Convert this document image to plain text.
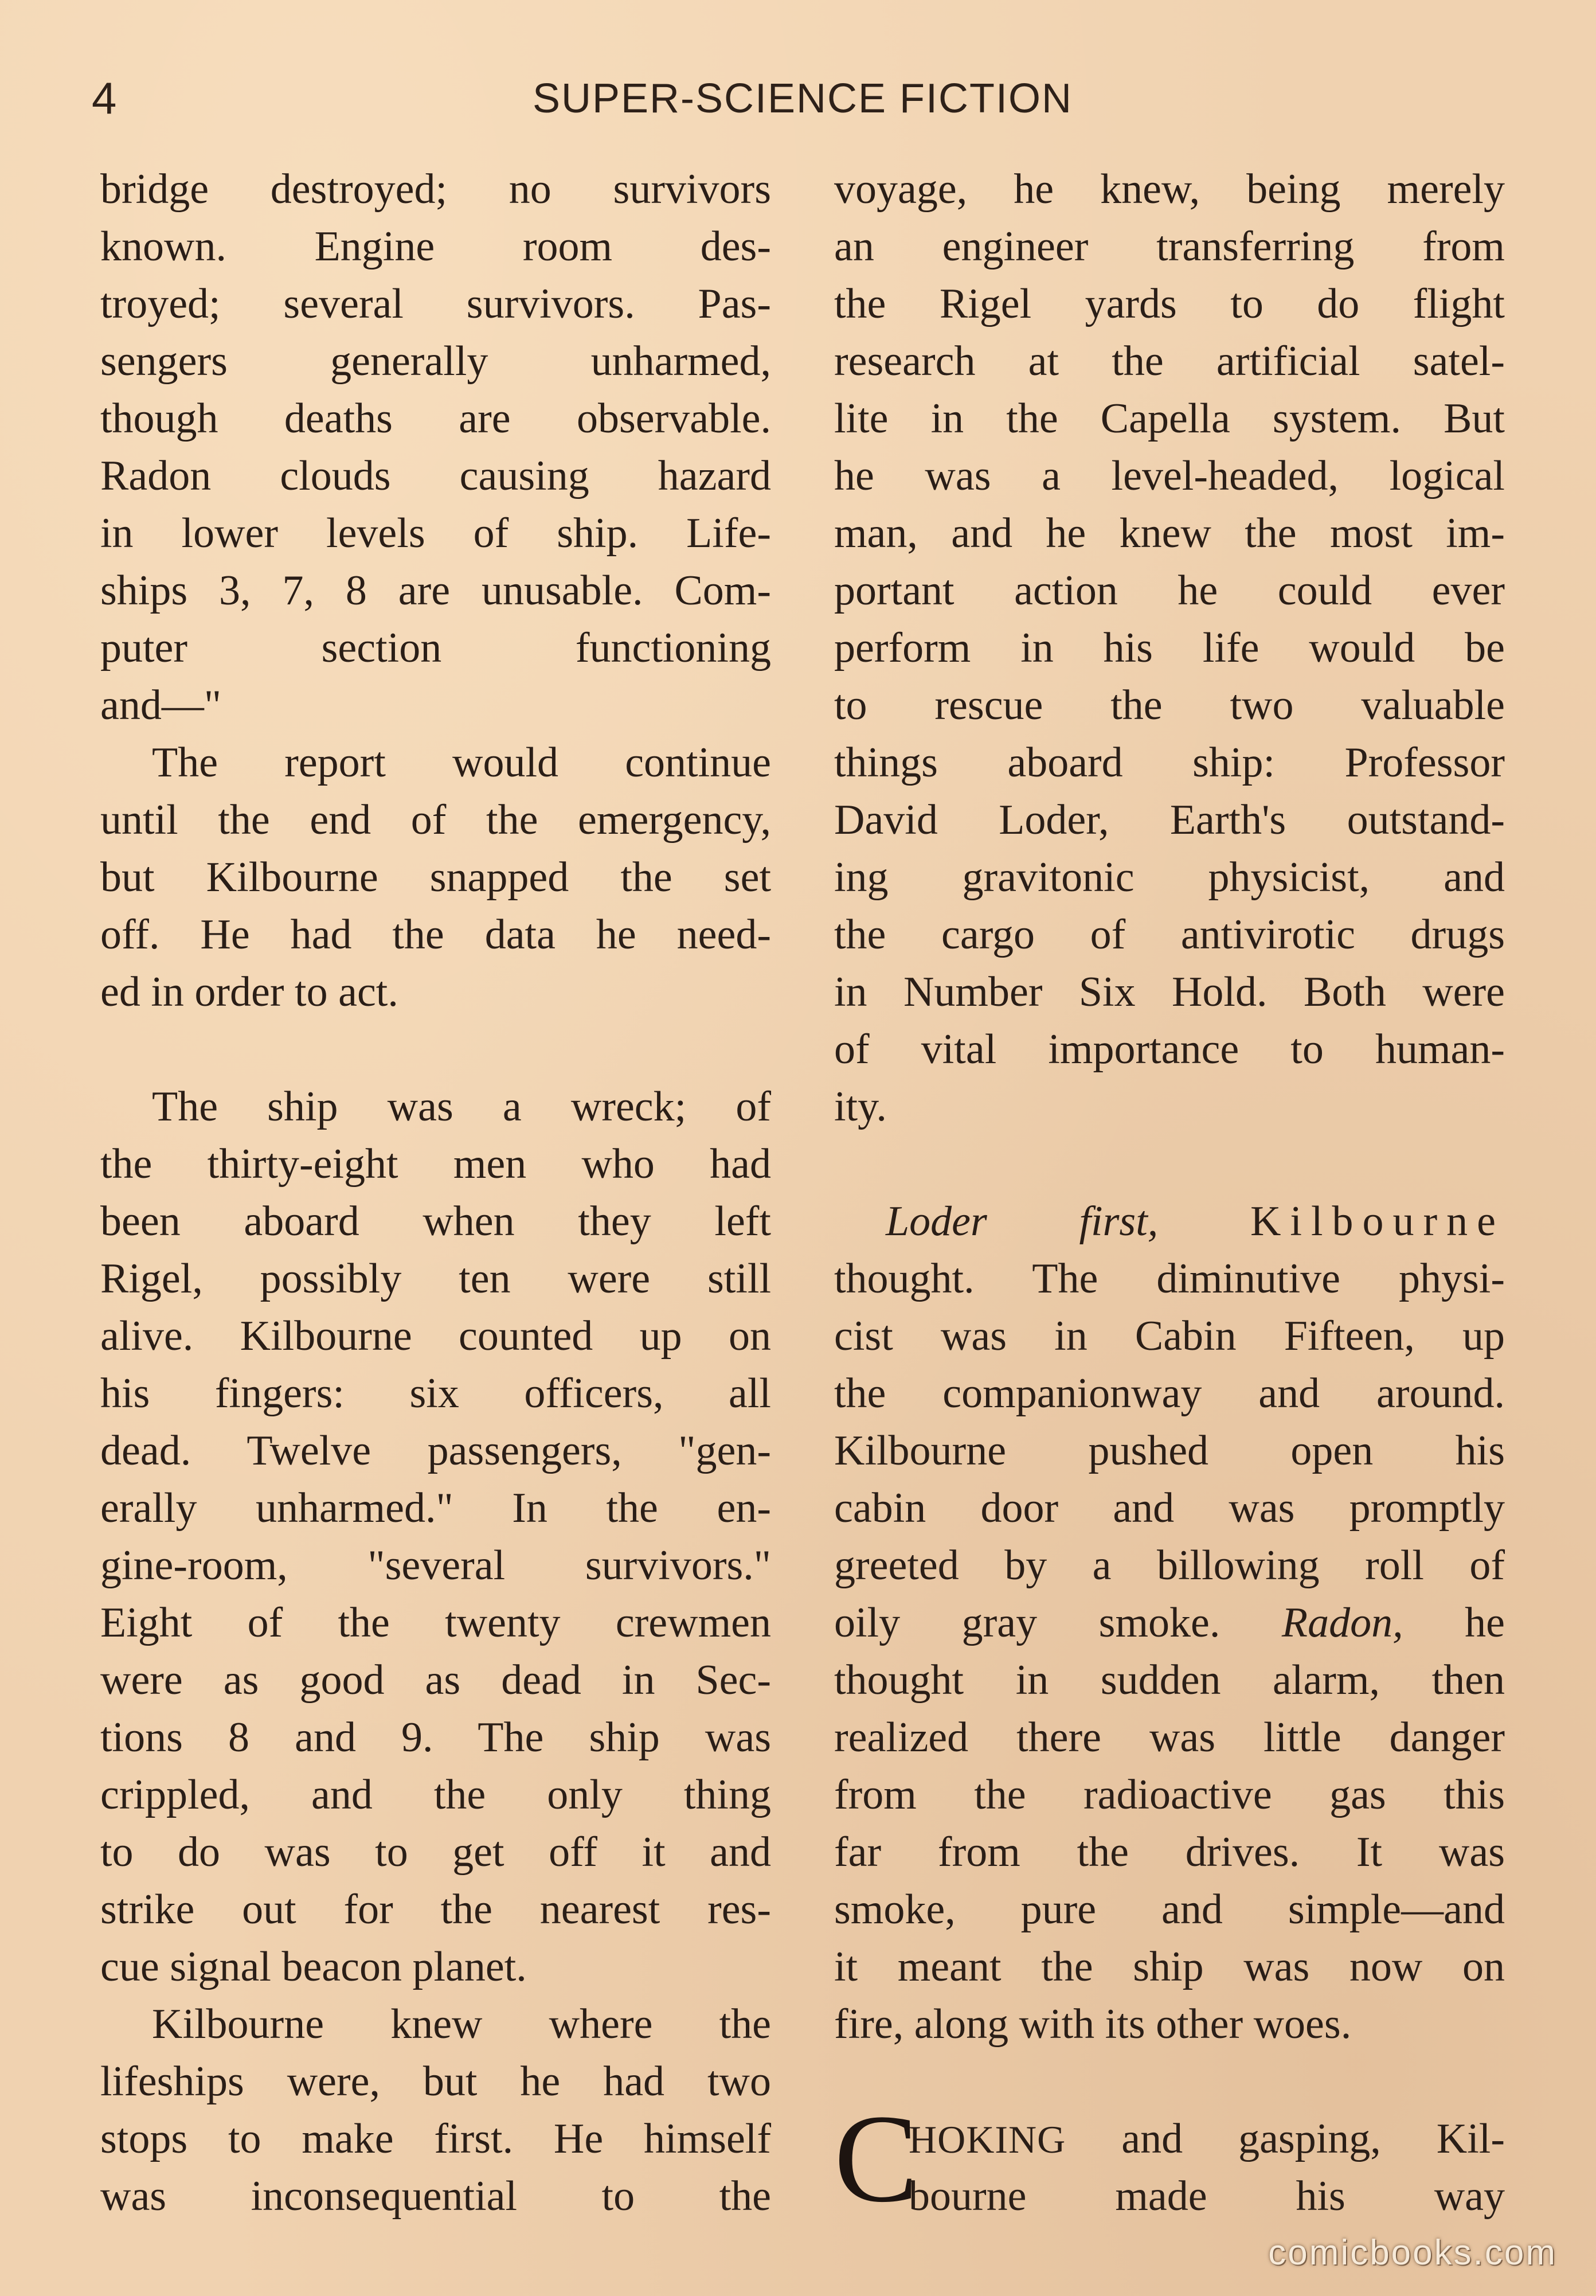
4	SUPER-SCIENCE FICTION
bridge destroyed; no survivors
known. Engine room des-
troyed; several survivors. Pas-
sengers generally unharmed,
though deaths are observable.
Radon clouds causing hazard
in lower levels of ship. Life-
ships 3, 7, 8 are unusable. Com-
puter section functioning
and—"
The report would continue
until the end of the emergency,
but Kilbourne snapped the set
off. He had the data he need-
ed in order to act.
The ship was a wreck; of
the thirty-eight men who had
been aboard when they left
Rigel, possibly ten were still
alive. Kilbourne counted up on
his fingers: six officers, all
dead. Twelve passengers, "gen-
erally unharmed." In the en-
gine-room, "several survivors."
Eight of the twenty crewmen
were as good as dead in Sec-
tions 8 and 9. The ship was
crippled, and the only thing
to do was to get off it and
strike out for the nearest res-
cue signal beacon planet.
Kilbourne knew where the
lifeships were, but he had two
stops to make first. He himself
was inconsequential to the
voyage, he knew, being merely
an engineer transferring from
the Rigel yards to do flight
research at the artificial satel-
lite in the Capella system. But
he was a level-headed, logical
man, and he knew the most im-
portant action he could ever
perform in his life would be
to rescue the two valuable
things aboard ship: Professor
David Loder, Earth's outstand-
ing gravitonic physicist, and
the cargo of antivirotic drugs
in Number Six Hold. Both were
of vital importance to human-
ity.
Loder first, Kilbourne
thought. The diminutive physi-
cist was in Cabin Fifteen, up
the companionway and around.
Kilbourne pushed open his
cabin door and was promptly
greeted by a billowing roll of
oily gray smoke. Radon, he
thought in sudden alarm, then
realized there was little danger
from the radioactive gas this
far from the drives. It was
smoke, pure and simple—and
it meant the ship was now on
fire, along with its other woes.
C
HOKING and gasping, Kil-
bourne made his way
comicbooks.com
